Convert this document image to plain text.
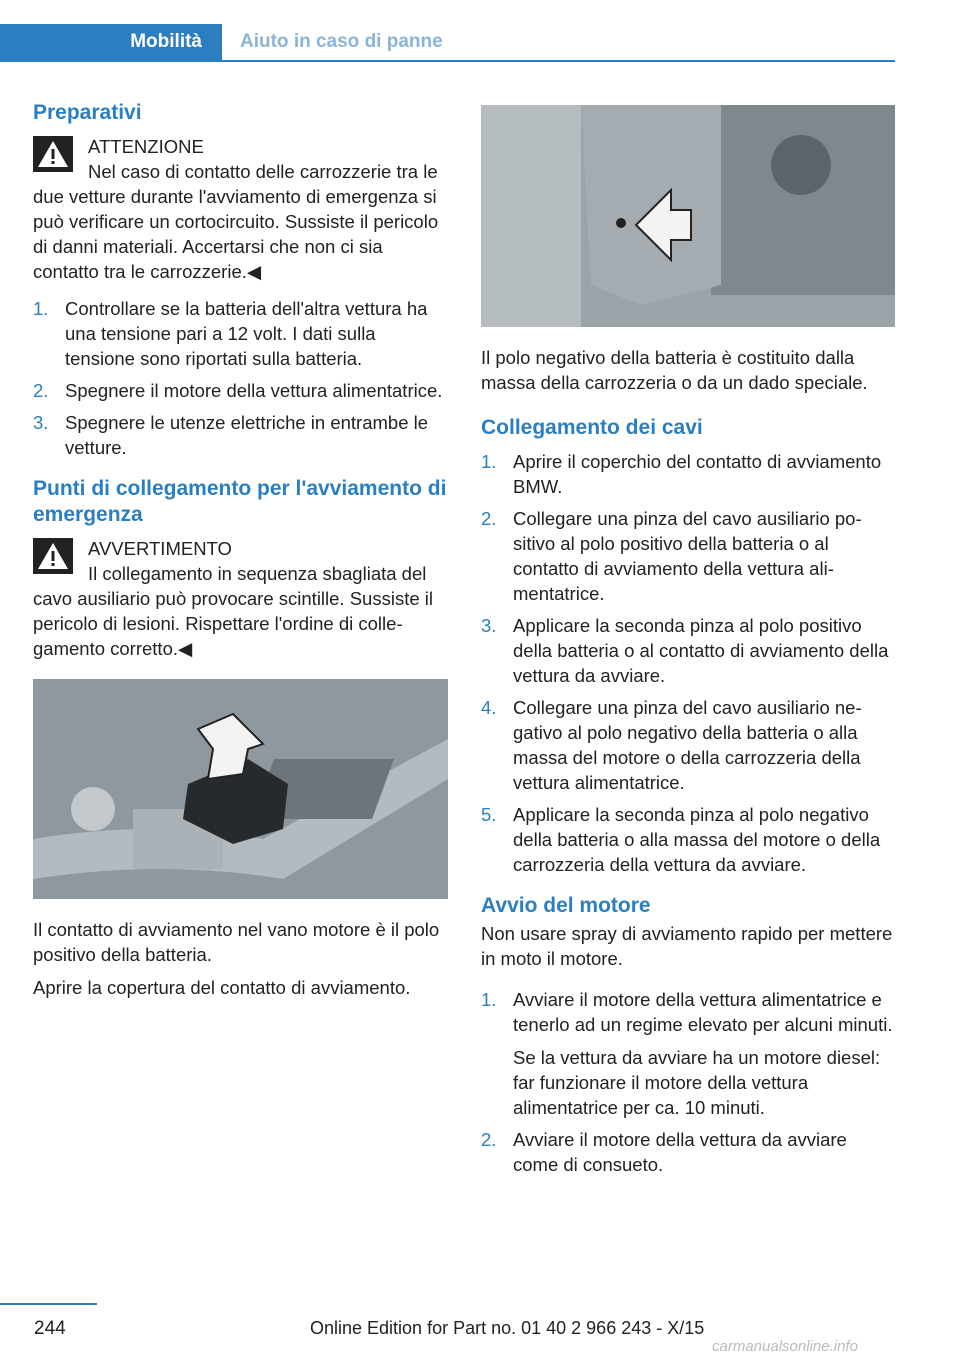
Mobilità	Aiuto in caso di panne
Preparativi
ATTENZIONE
Nel caso di contatto delle carrozzerie tra le due vetture durante l'avviamento di emergenza si può verificare un cortocircuito. Sussiste il pericolo di danni materiali. Accertarsi che non ci sia contatto tra le carrozzerie.◀
1. Controllare se la batteria dell'altra vettura ha una tensione pari a 12 volt. I dati sulla tensione sono riportati sulla batteria.
2. Spegnere il motore della vettura alimentatrice.
3. Spegnere le utenze elettriche in entrambe le vetture.
Punti di collegamento per l'avviamento di emergenza
AVVERTIMENTO
Il collegamento in sequenza sbagliata del cavo ausiliario può provocare scintille. Sussiste il pericolo di lesioni. Rispettare l'ordine di collegamento corretto.◀

Il contatto di avviamento nel vano motore è il polo positivo della batteria.

Aprire la copertura del contatto di avviamento.

Il polo negativo della batteria è costituito dalla massa della carrozzeria o da un dado speciale.

Collegamento dei cavi
1. Aprire il coperchio del contatto di avviamento BMW.
2. Collegare una pinza del cavo ausiliario positivo al polo positivo della batteria o al contatto di avviamento della vettura alimentatrice.
3. Applicare la seconda pinza al polo positivo della batteria o al contatto di avviamento della vettura da avviare.
4. Collegare una pinza del cavo ausiliario negativo al polo negativo della batteria o alla massa del motore o della carrozzeria della vettura alimentatrice.
5. Applicare la seconda pinza al polo negativo della batteria o alla massa del motore o della carrozzeria della vettura da avviare.
Avvio del motore

Non usare spray di avviamento rapido per mettere in moto il motore.

1. Avviare il motore della vettura alimentatrice e tenerlo ad un regime elevato per alcuni minuti.
Se la vettura da avviare ha un motore diesel: far funzionare il motore della vettura alimentatrice per ca. 10 minuti.
2. Avviare il motore della vettura da avviare come di consueto.
244	Online Edition for Part no. 01 40 2 966 243 - X/15
carmanualsonline.info
